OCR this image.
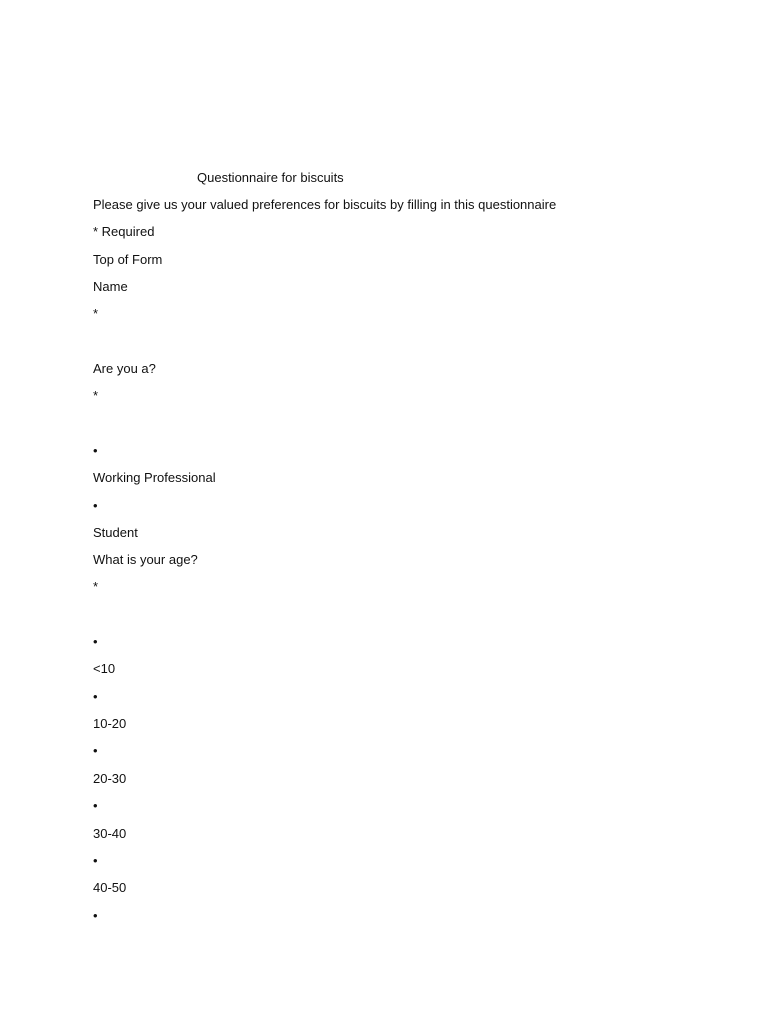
Questionnaire for biscuits
Please give us your valued preferences for biscuits by filling in this questionnaire
* Required
Top of Form
Name
*
Are you a?
*
•
Working Professional
•
Student
What is your age?
*
•
<10
•
10-20
•
20-30
•
30-40
•
40-50
•
